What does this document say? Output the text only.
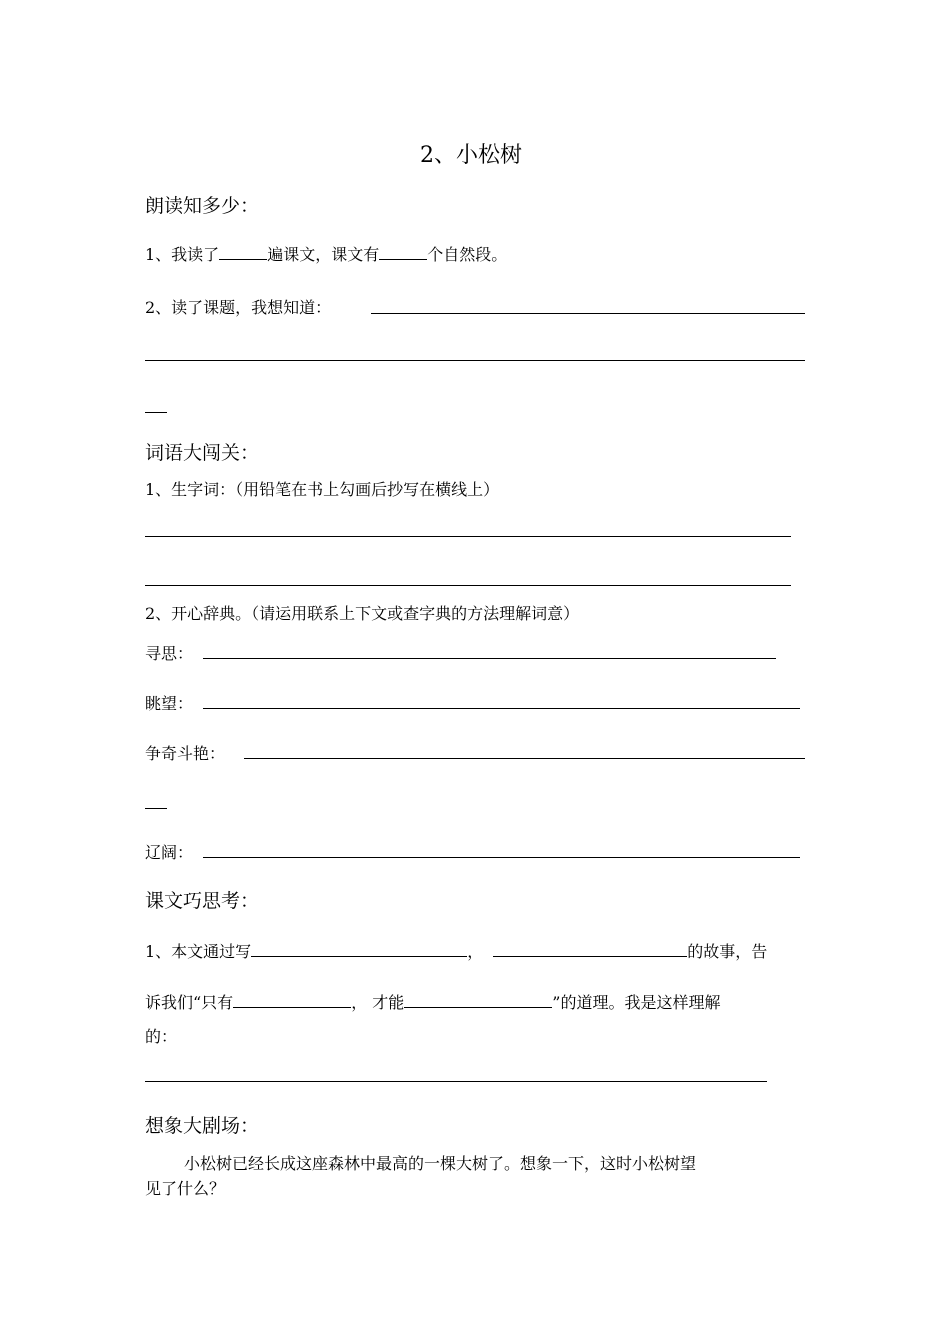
2、小松树
朗读知多少：
1、我读了	遍课文，课文有	个自然段。
2、读了课题，我想知道：
词语大闯关：
1、生字词：（用铅笔在书上勾画后抄写在横线上）
2、开心辞典。（请运用联系上下文或查字典的方法理解词意）
寻思：
眺望：
争奇斗艳：
辽阔：
课文巧思考：
1、本文通过写	，	的故事，告
诉我们“只有	， 才能	”的道理。我是这样理解
的：
想象大剧场：
小松树已经长成这座森林中最高的一棵大树了。想象一下，这时小松树望
见了什么？
